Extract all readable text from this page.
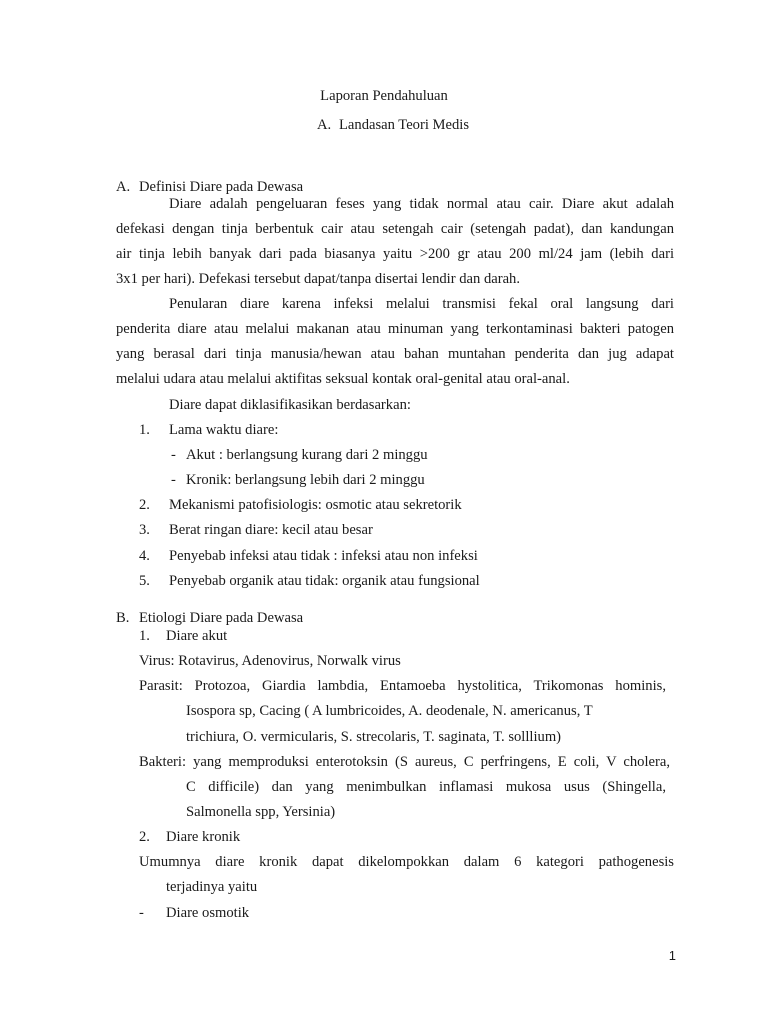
Laporan Pendahuluan
A. Landasan Teori Medis
A. Definisi Diare pada Dewasa
Diare adalah pengeluaran feses yang tidak normal atau cair. Diare akut adalah
defekasi dengan tinja berbentuk cair atau setengah cair (setengah padat), dan kandungan
air tinja lebih banyak dari pada biasanya yaitu >200 gr atau 200 ml/24 jam (lebih dari
3x1 per hari). Defekasi tersebut dapat/tanpa disertai lendir dan darah.
Penularan diare karena infeksi melalui transmisi fekal oral langsung dari
penderita diare atau melalui makanan atau minuman yang terkontaminasi bakteri patogen
yang berasal dari tinja manusia/hewan atau bahan muntahan penderita dan jug adapat
melalui udara atau melalui aktifitas seksual kontak oral-genital atau oral-anal.
Diare dapat diklasifikasikan berdasarkan:
1. Lama waktu diare:
- Akut : berlangsung kurang dari 2 minggu
- Kronik: berlangsung lebih dari 2 minggu
2. Mekanismi patofisiologis: osmotic atau sekretorik
3. Berat ringan diare: kecil atau besar
4. Penyebab infeksi atau tidak : infeksi atau non infeksi
5. Penyebab organik atau tidak: organik atau fungsional
B. Etiologi Diare pada Dewasa
1. Diare akut
Virus: Rotavirus, Adenovirus, Norwalk virus
Parasit: Protozoa, Giardia lambdia, Entamoeba hystolitica, Trikomonas hominis,
Isospora sp, Cacing ( A lumbricoides, A. deodenale, N. americanus, T
trichiura, O. vermicularis, S. strecolaris, T. saginata, T. solllium)
Bakteri: yang memproduksi enterotoksin (S aureus, C perfringens, E coli, V cholera,
C difficile) dan yang menimbulkan inflamasi mukosa usus (Shingella,
Salmonella spp, Yersinia)
2. Diare kronik
Umumnya diare kronik dapat dikelompokkan dalam 6 kategori pathogenesis
terjadinya yaitu
- Diare osmotik
1
